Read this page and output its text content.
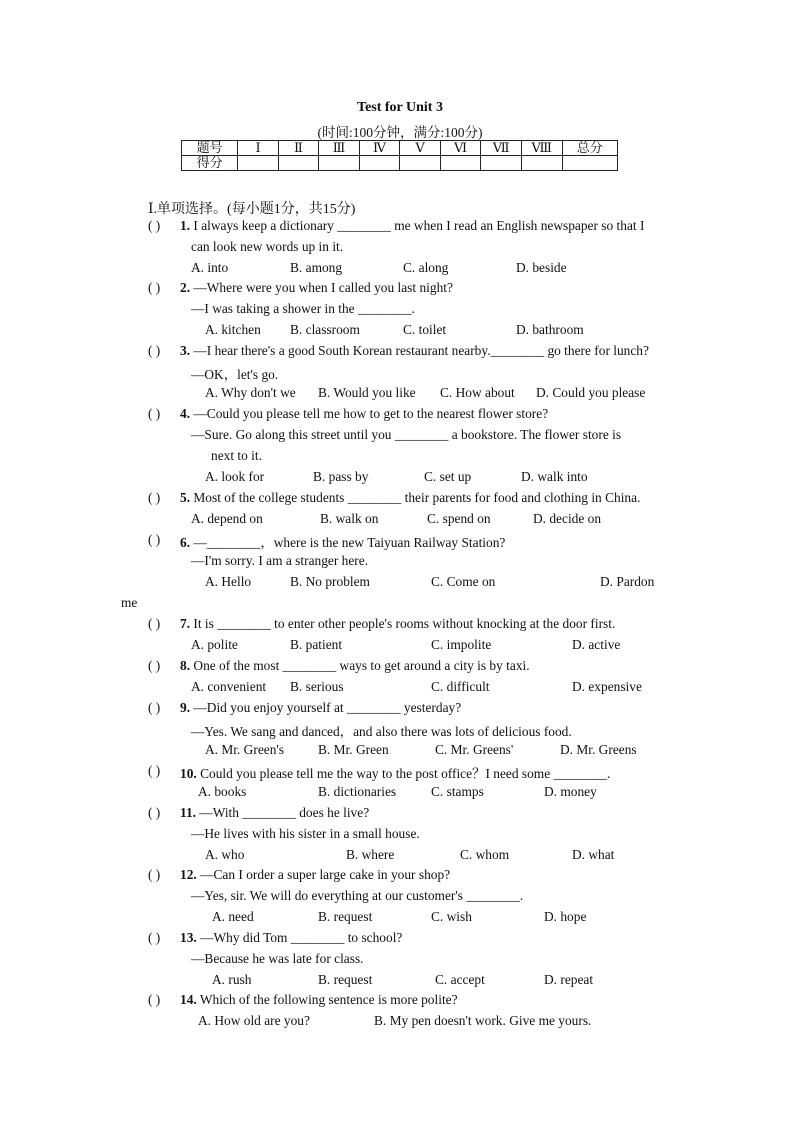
Test for Unit 3
(时间:100分钟，满分:100分)
题号	Ⅰ	Ⅱ	Ⅲ	Ⅳ	Ⅴ	Ⅵ	Ⅶ	Ⅷ	总分
得分									
Ⅰ.单项选择。(每小题1分，共15分)
( ) 1. I always keep a dictionary ________ me when I read an English newspaper so that I
can look new words up in it.
A. into	B. among	C. along	D. beside
( ) 2. —Where were you when I called you last night?
—I was taking a shower in the ________.
A. kitchen B. classroom	C. toilet	D. bathroom
( ) 3. —I hear there's a good South Korean restaurant nearby.________ go there for lunch?
—OK，let's go.
A. Why don't we B. Would you like C. How about D. Could you please
( ) 4. —Could you please tell me how to get to the nearest flower store?
—Sure. Go along this street until you ________ a bookstore. The flower store is
next to it.
A. look for	B. pass by	C. set up	D. walk into
( ) 5. Most of the college students ________ their parents for food and clothing in China.
A. depend on	B. walk on	C. spend on	D. decide on
( ) 6. —________，where is the new Taiyuan Railway Station?
—I'm sorry. I am a stranger here.
A. Hello	B. No problem	C. Come on	D. Pardon
me
( ) 7. It is ________ to enter other people's rooms without knocking at the door first.
A. polite	B. patient	C. impolite	D. active
( ) 8. One of the most ________ ways to get around a city is by taxi.
A. convenient B. serious	C. difficult	D. expensive
( ) 9. —Did you enjoy yourself at ________ yesterday?
—Yes. We sang and danced，and also there was lots of delicious food.
A. Mr. Green's	B. Mr. Green	C. Mr. Greens'	D. Mr. Greens
( ) 10. Could you please tell me the way to the post office？I need some ________.
A. books	B. dictionaries	C. stamps	D. money
( ) 11. —With ________ does he live?
—He lives with his sister in a small house.
A. who	B. where	C. whom	D. what
( ) 12. —Can I order a super large cake in your shop?
—Yes, sir. We will do everything at our customer's ________.
A. need	B. request	C. wish	D. hope
( ) 13. —Why did Tom ________ to school?
—Because he was late for class.
A. rush	B. request	C. accept	D. repeat
( ) 14. Which of the following sentence is more polite?
A. How old are you?	B. My pen doesn't work. Give me yours.
